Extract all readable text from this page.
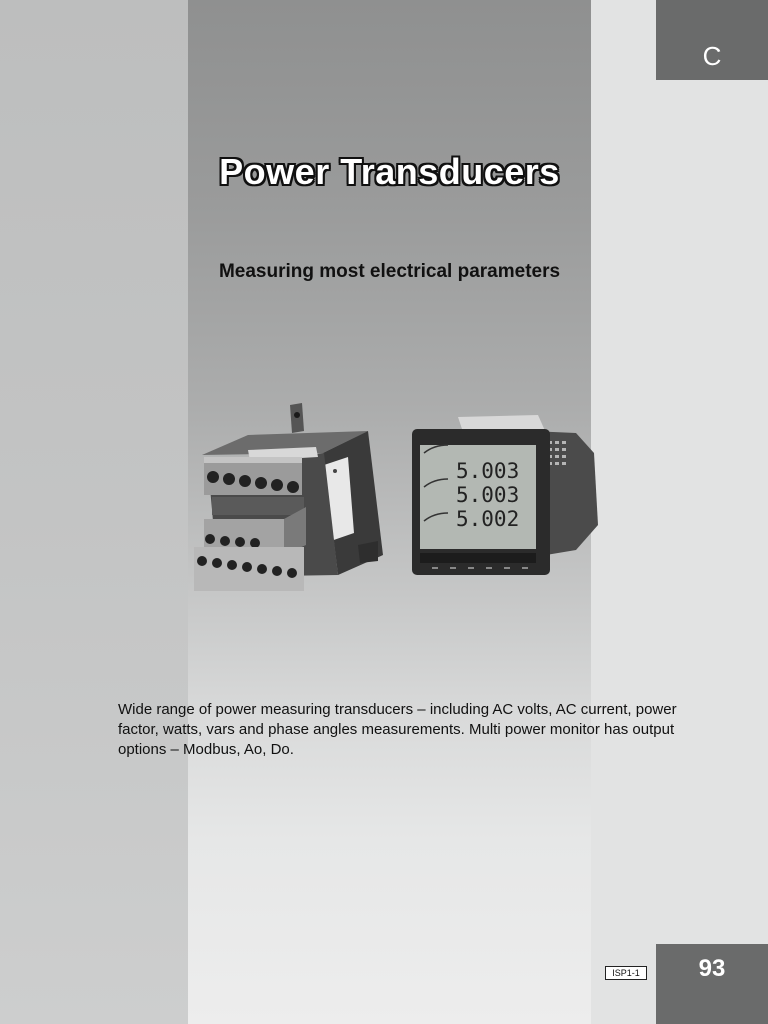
C
Power Transducers
Measuring most electrical parameters
5.003
5.003
5.002
Wide range of power measuring transducers – including AC volts, AC current, power factor, watts, vars and phase angles measurements. Multi power monitor has output options – Modbus, Ao, Do.
ISP1-1	93
